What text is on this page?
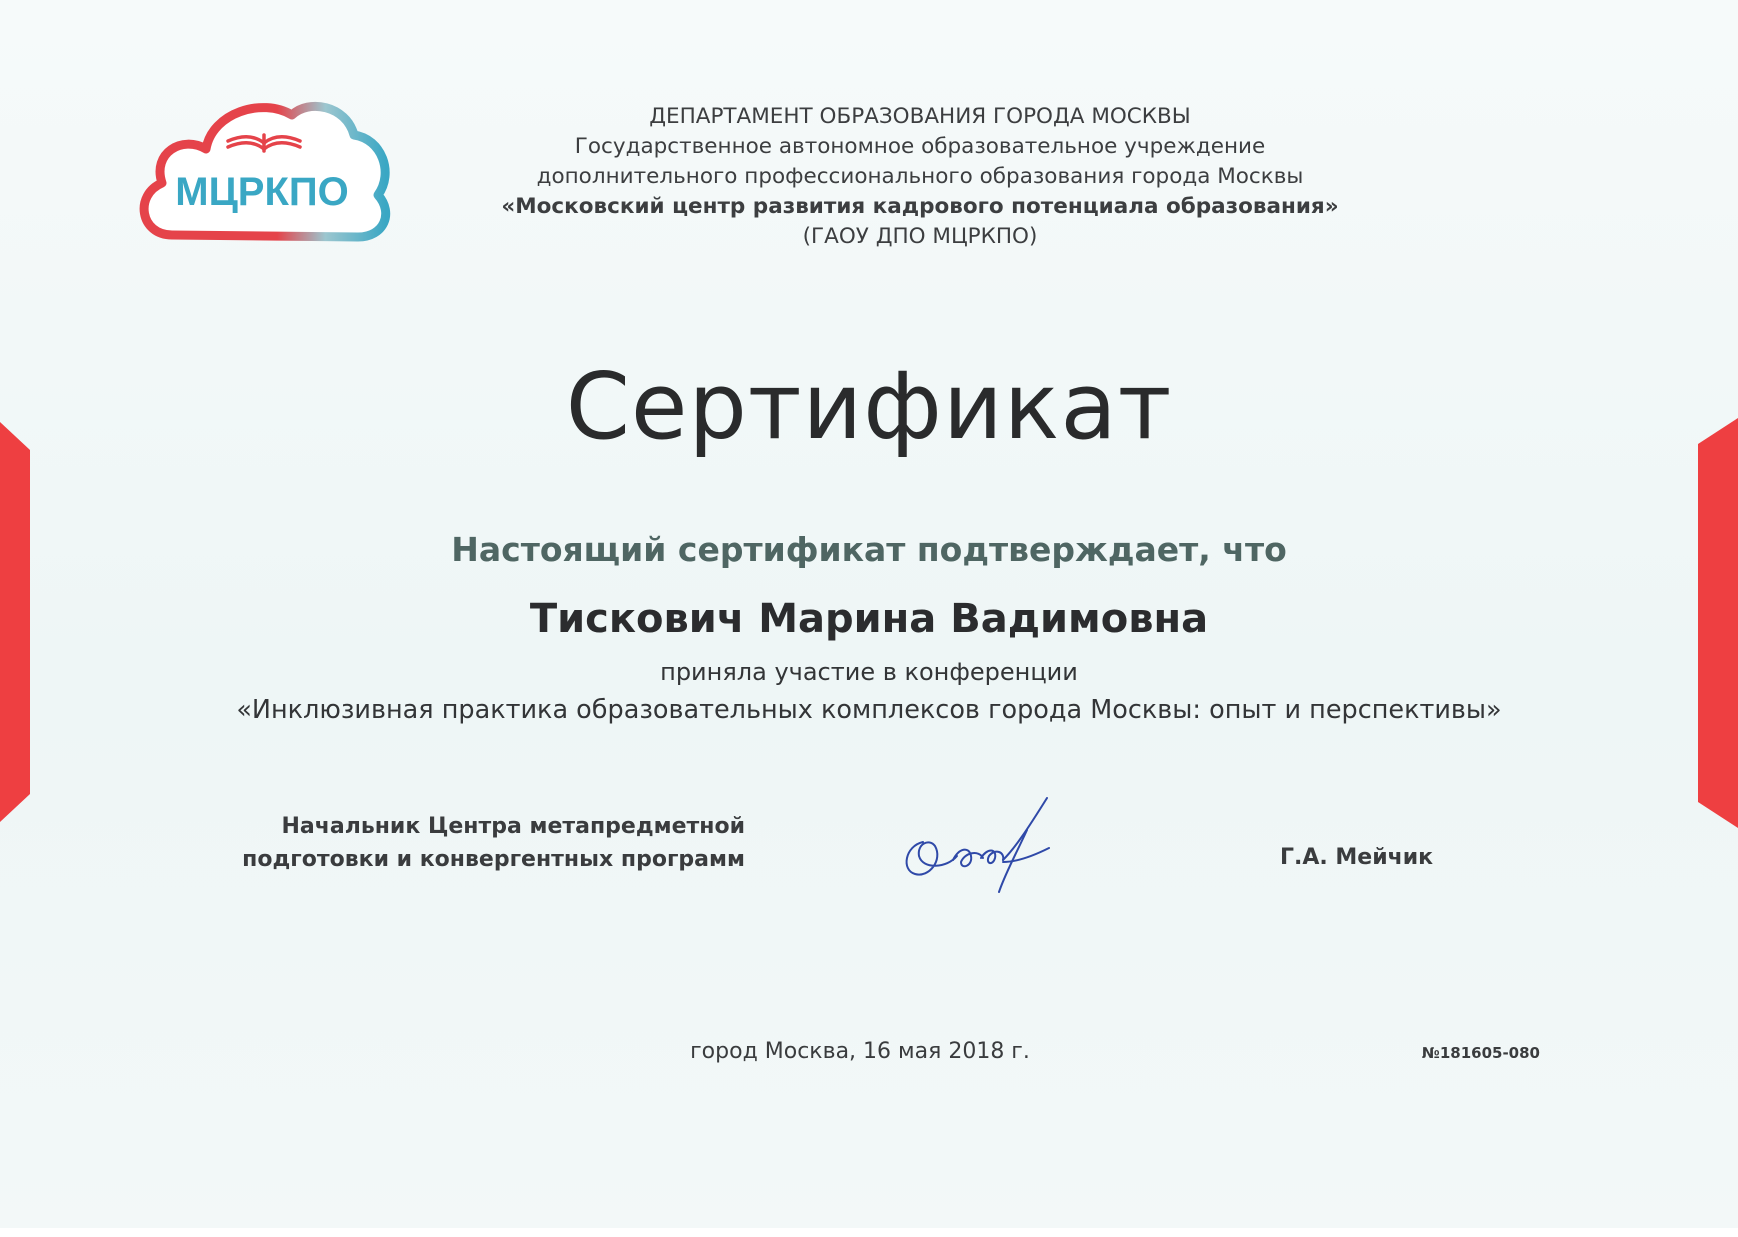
МЦРКПО
ДЕПАРТАМЕНТ ОБРАЗОВАНИЯ ГОРОДА МОСКВЫ
Государственное автономное образовательное учреждение
дополнительного профессионального образования города Москвы
«Московский центр развития кадрового потенциала образования»
(ГАОУ ДПО МЦРКПО)
Сертификат
Настоящий сертификат подтверждает, что
Тискович Марина Вадимовна
приняла участие в конференции
«Инклюзивная практика образовательных комплексов города Москвы: опыт и перспективы»
Начальник Центра метапредметной
подготовки и конвергентных программ	Г.А. Мейчик
город Москва, 16 мая 2018 г.	№181605-080
